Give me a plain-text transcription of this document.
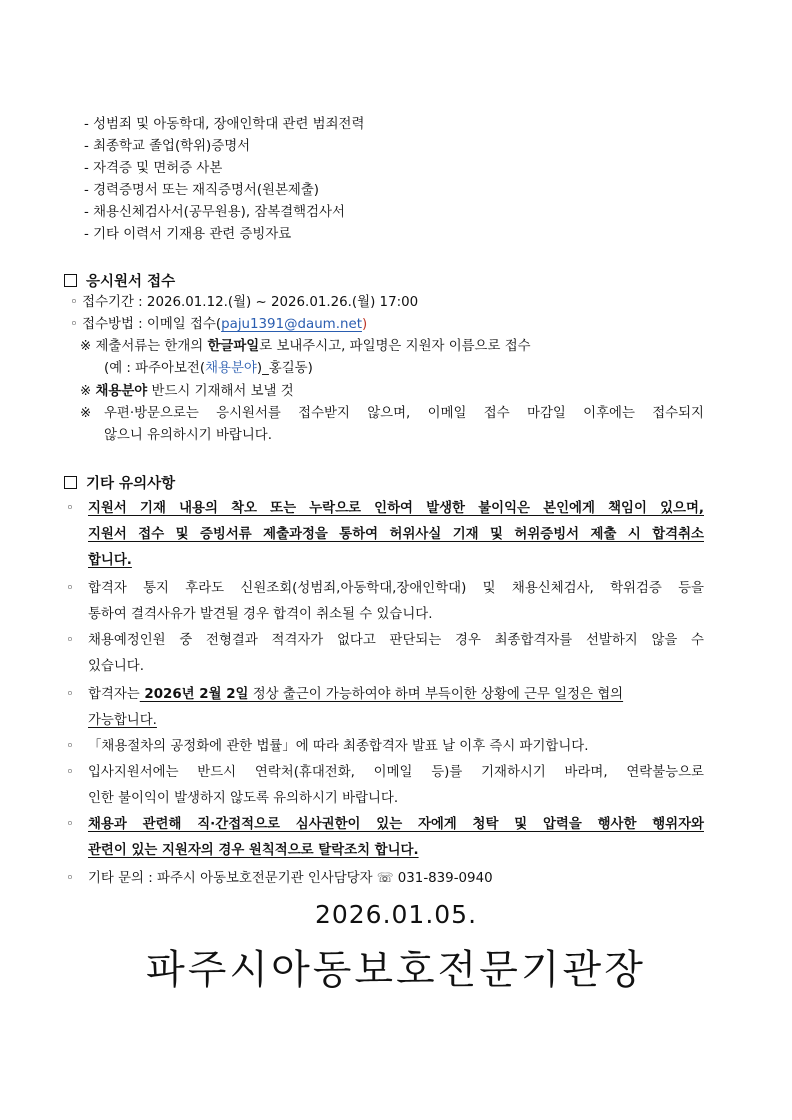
- 성범죄 및 아동학대, 장애인학대 관련 범죄전력
- 최종학교 졸업(학위)증명서
- 자격증 및 면허증 사본
- 경력증명서 또는 재직증명서(원본제출)
- 채용신체검사서(공무원용), 잠복결핵검사서
- 기타 이력서 기재용 관련 증빙자료
응시원서 접수
◦ 접수기간 : 2026.01.12.(월) ~ 2026.01.26.(월) 17:00
◦ 접수방법 : 이메일 접수(paju1391@daum.net)
※ 제출서류는 한개의 한글파일로 보내주시고, 파일명은 지원자 이름으로 접수
(예 : 파주아보전(채용분야)_홍길동)
※ 채용분야 반드시 기재해서 보낼 것
※ 우편·방문으로는 응시원서를 접수받지 않으며, 이메일 접수 마감일 이후에는 접수되지
않으니 유의하시기 바랍니다.
기타 유의사항
◦ 지원서 기재 내용의 착오 또는 누락으로 인하여 발생한 불이익은 본인에게 책임이 있으며,
지원서 접수 및 증빙서류 제출과정을 통하여 허위사실 기재 및 허위증빙서 제출 시 합격취소
합니다.
◦ 합격자 통지 후라도 신원조회(성범죄,아동학대,장애인학대) 및 채용신체검사, 학위검증 등을
통하여 결격사유가 발견될 경우 합격이 취소될 수 있습니다.
◦ 채용예정인원 중 전형결과 적격자가 없다고 판단되는 경우 최종합격자를 선발하지 않을 수
있습니다.
◦ 합격자는 2026년 2월 2일 정상 출근이 가능하여야 하며 부득이한 상황에 근무 일정은 협의
가능합니다.
◦ 「채용절차의 공정화에 관한 법률」에 따라 최종합격자 발표 날 이후 즉시 파기합니다.
◦ 입사지원서에는 반드시 연락처(휴대전화, 이메일 등)를 기재하시기 바라며, 연락불능으로
인한 불이익이 발생하지 않도록 유의하시기 바랍니다.
◦ 채용과 관련해 직·간접적으로 심사권한이 있는 자에게 청탁 및 압력을 행사한 행위자와
관련이 있는 지원자의 경우 원칙적으로 탈락조치 합니다.
◦ 기타 문의 : 파주시 아동보호전문기관 인사담당자 ☏ 031-839-0940
2026.01.05.
파주시아동보호전문기관장
